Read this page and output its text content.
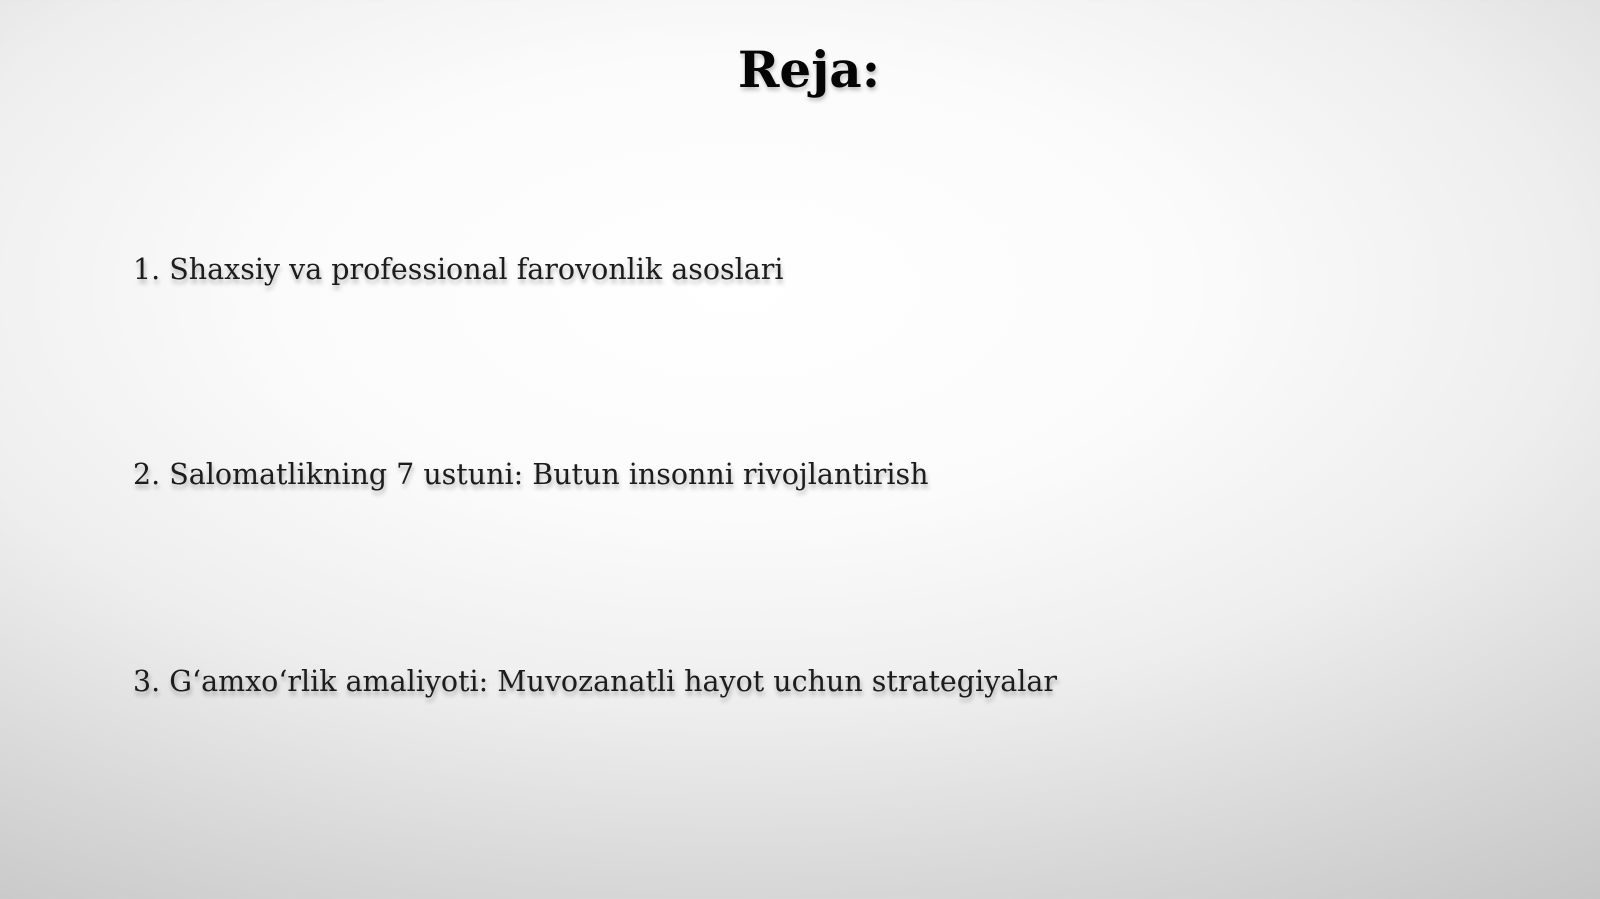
Reja:
1. Shaxsiy va professional farovonlik asoslari
2. Salomatlikning 7 ustuni: Butun insonni rivojlantirish
3. G‘amxo‘rlik amaliyoti: Muvozanatli hayot uchun strategiyalar
